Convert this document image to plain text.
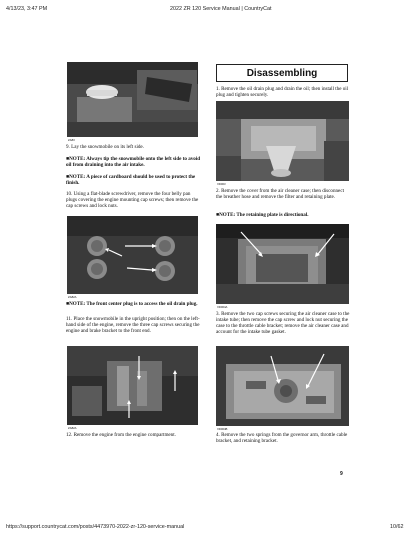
4/13/23, 3:47 PM	2022 ZR 120 Service Manual | CountryCat
https://support.countrycat.com/posts/4473970-2022-zr-120-service-manual	10/62
ZA83

9. Lay the snowmobile on its left side.

■NOTE: Always tip the snowmobile onto the left side to avoid oil from draining into the air intake.

■NOTE: A piece of cardboard should be used to protect the finish.

10. Using a flat-blade screwdriver, remove the four belly pan plugs covering the engine mounting cap screws; then remove the cap screws and lock nuts.

ZA82A

■NOTE: The front center plug is to access the oil drain plug.

11. Place the snowmobile in the upright position; then on the left-hand side of the engine, remove the three cap screws securing the engine and brake bracket to the front end.

ZA82A

12. Remove the engine from the engine compartment.

Disassembling

1. Remove the oil drain plug and drain the oil; then install the oil plug and tighten securely.

XD003

2. Remove the cover from the air cleaner case; then disconnect the breather hose and remove the filter and retaining plate.

■NOTE: The retaining plate is directional.

XD004A

3. Remove the two cap screws securing the air cleaner case to the intake tube; then remove the cap screw and lock nut securing the case to the throttle cable bracket; remove the air cleaner case and account for the intake tube gasket.

XD004B

4. Remove the two springs from the governor arm, throttle cable bracket, and retaining bracket.

9
